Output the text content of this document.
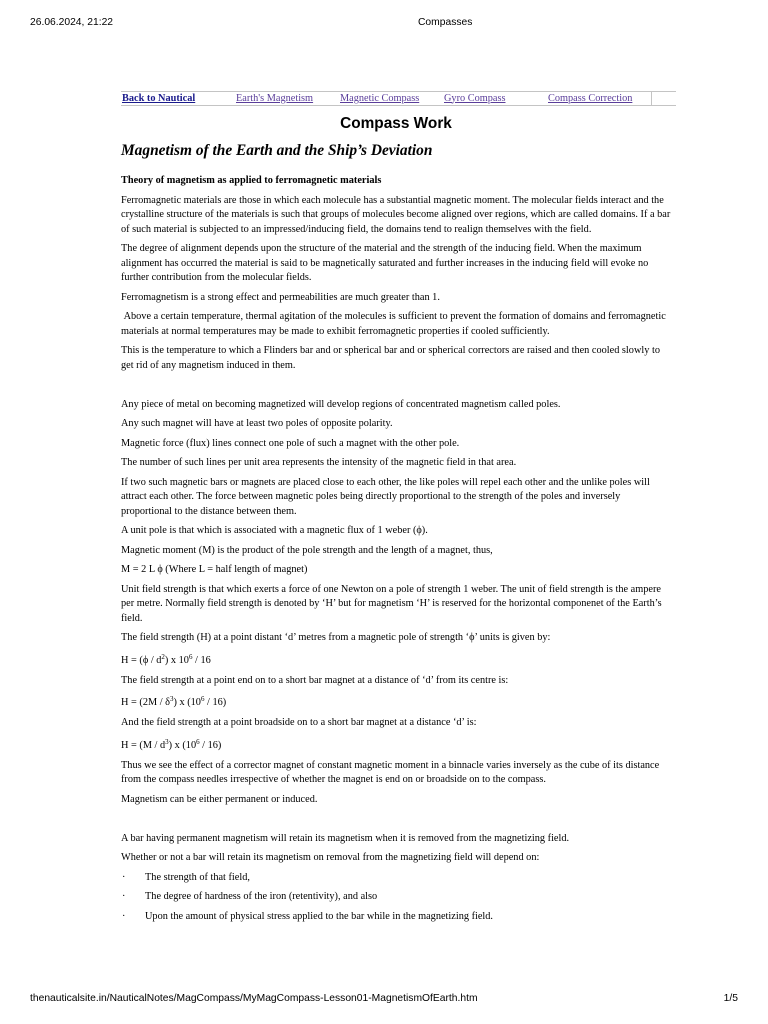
26.06.2024, 21:22	Compasses
Back to Nautical	Earth's Magnetism	Magnetic Compass	Gyro Compass	Compass Correction	
Compass Work
Magnetism of the Earth and the Ship’s Deviation

Theory of magnetism as applied to ferromagnetic materials

Ferromagnetic materials are those in which each molecule has a substantial magnetic moment. The molecular fields interact and the crystalline structure of the materials is such that groups of molecules become aligned over regions, which are called domains. If a bar of such material is subjected to an impressed/inducing field, the domains tend to realign themselves with the field.

The degree of alignment depends upon the structure of the material and the strength of the inducing field. When the maximum alignment has occurred the material is said to be magnetically saturated and further increases in the inducing field will evoke no further contribution from the molecular fields.

Ferromagnetism is a strong effect and permeabilities are much greater than 1.

Above a certain temperature, thermal agitation of the molecules is sufficient to prevent the formation of domains and ferromagnetic materials at normal temperatures may be made to exhibit ferromagnetic properties if cooled sufficiently.

This is the temperature to which a Flinders bar and or spherical bar and or spherical correctors are raised and then cooled slowly to get rid of any magnetism induced in them.

Any piece of metal on becoming magnetized will develop regions of concentrated magnetism called poles.

Any such magnet will have at least two poles of opposite polarity.

Magnetic force (flux) lines connect one pole of such a magnet with the other pole.

The number of such lines per unit area represents the intensity of the magnetic field in that area.

If two such magnetic bars or magnets are placed close to each other, the like poles will repel each other and the unlike poles will attract each other. The force between magnetic poles being directly proportional to the strength of the poles and inversely proportional to the distance between them.

A unit pole is that which is associated with a magnetic flux of 1 weber (ϕ).

Magnetic moment (M) is the product of the pole strength and the length of a magnet, thus,

M = 2 L ϕ (Where L = half length of magnet)

Unit field strength is that which exerts a force of one Newton on a pole of strength 1 weber. The unit of field strength is the ampere per metre. Normally field strength is denoted by ‘H’ but for magnetism ‘H’ is reserved for the horizontal componenet of the Earth’s field.

The field strength (H) at a point distant ‘d’ metres from a magnetic pole of strength ‘ϕ’ units is given by:

$H = (\phi / d^2)$ x $10^6 / 16$

The field strength at a point end on to a short bar magnet at a distance of ‘d’ from its centre is:

$H = (2M / \delta^3)$ x $(10^6 / 16)$

And the field strength at a point broadside on to a short bar magnet at a distance ‘d’ is:

$H = (M / d^3)$ x $(10^6 / 16)$

Thus we see the effect of a corrector magnet of constant magnetic moment in a binnacle varies inversely as the cube of its distance from the compass needles irrespective of whether the magnet is end on or broadside on to the compass.

Magnetism can be either permanent or induced.

A bar having permanent magnetism will retain its magnetism when it is removed from the magnetizing field.

Whether or not a bar will retain its magnetism on removal from the magnetizing field will depend on:

· The strength of that field,

· The degree of hardness of the iron (retentivity), and also

· Upon the amount of physical stress applied to the bar while in the magnetizing field.

thenauticalsite.in/NauticalNotes/MagCompass/MyMagCompass-Lesson01-MagnetismOfEarth.htm	1/5
